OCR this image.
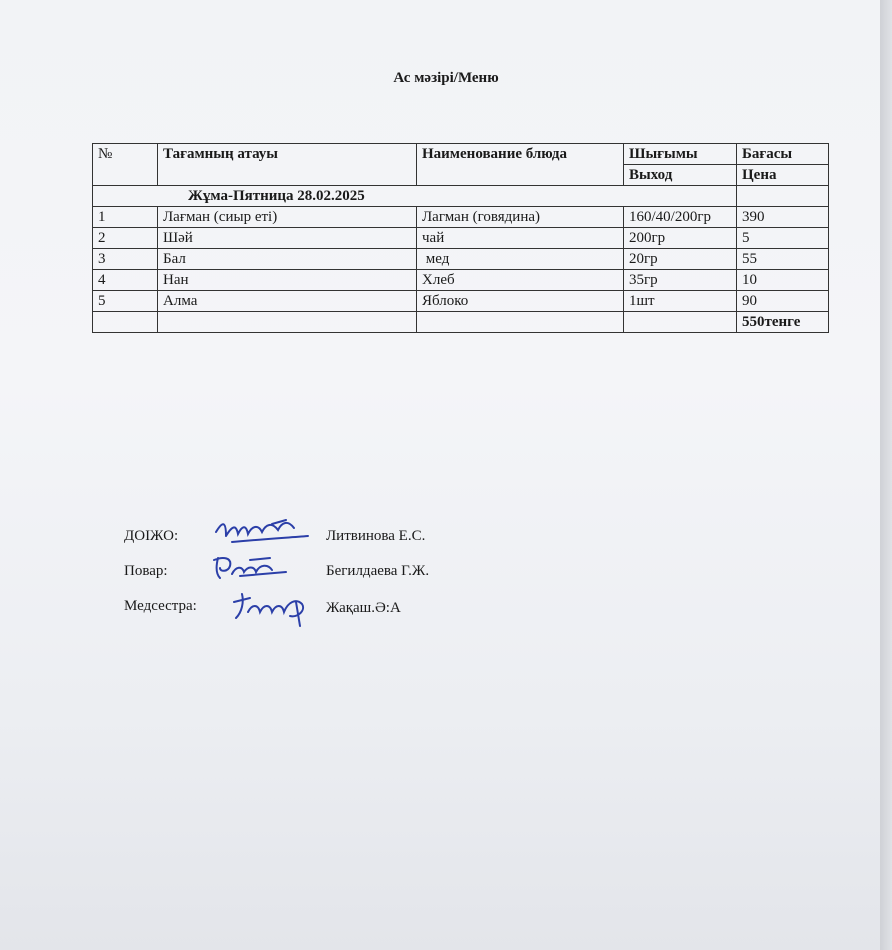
Ас мәзірі/Меню
№	Тағамның атауы	Наименование блюда	Шығымы	Бағасы
			Выход	Цена
Жұма-Пятница 28.02.2025				
1	Лағман (сиыр еті)	Лагман (говядина)	160/40/200гр	390
2	Шәй	чай	200гр	5
3	Бал	мед	20гр	55
4	Нан	Хлеб	35гр	10
5	Алма	Яблоко	1шт	90
				550тенге
ДОІЖО:	Литвинова Е.С.
Повар:	Бегилдаева Г.Ж.
Медсестра:	Жақаш.Ә:А
